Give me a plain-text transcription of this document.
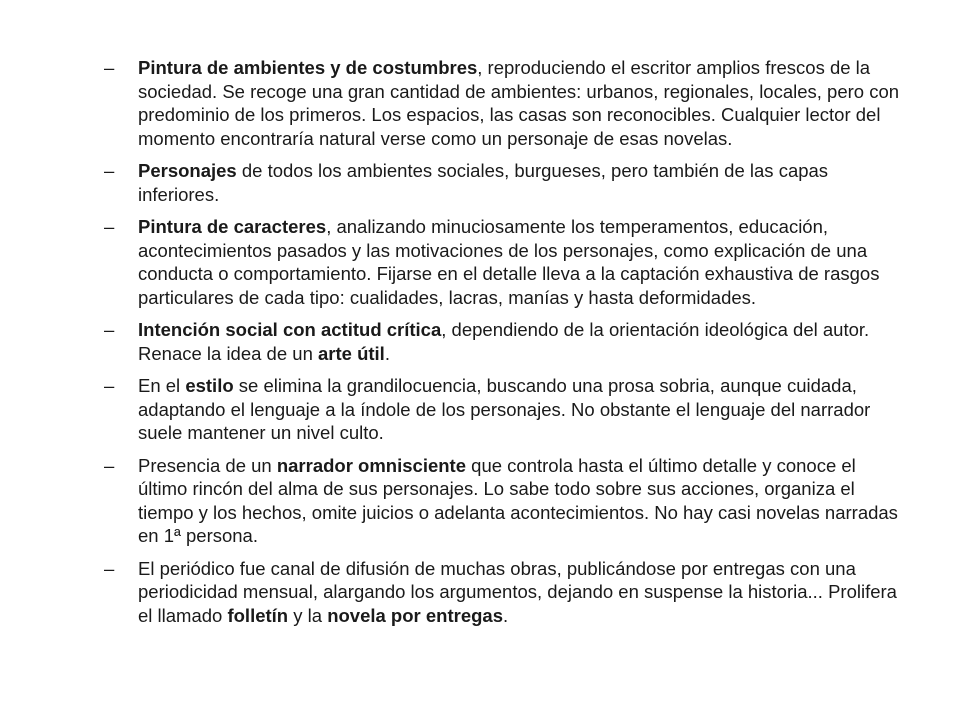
–	Pintura de ambientes y de costumbres, reproduciendo el escritor amplios frescos de la sociedad. Se recoge una gran cantidad de ambientes: urbanos, regionales, locales, pero con predominio de los primeros. Los espacios, las casas son reconocibles. Cualquier lector del momento encontraría natural verse como un personaje de esas novelas.
–	Personajes de todos los ambientes sociales, burgueses, pero también de las capas inferiores.
–	Pintura de caracteres, analizando minuciosamente los temperamentos, educación, acontecimientos pasados y las motivaciones de los personajes, como explicación de una conducta o comportamiento. Fijarse en el detalle lleva a la captación exhaustiva de rasgos particulares de cada tipo: cualidades, lacras, manías y hasta deformidades.
–	Intención social con actitud crítica, dependiendo de la orientación ideológica del autor. Renace la idea de un arte útil.
–	En el estilo se elimina la grandilocuencia, buscando una prosa sobria, aunque cuidada, adaptando el lenguaje a la índole de los personajes. No obstante el lenguaje del narrador suele mantener un nivel culto.
–	Presencia de un narrador omnisciente que controla hasta el último detalle y conoce el último rincón del alma de sus personajes. Lo sabe todo sobre sus acciones, organiza el tiempo y los hechos, omite juicios o adelanta acontecimientos. No hay casi novelas narradas en 1ª persona.
–	El periódico fue canal de difusión de muchas obras, publicándose por entregas con una periodicidad mensual, alargando los argumentos, dejando en suspense la historia... Prolifera el llamado folletín y la novela por entregas.
